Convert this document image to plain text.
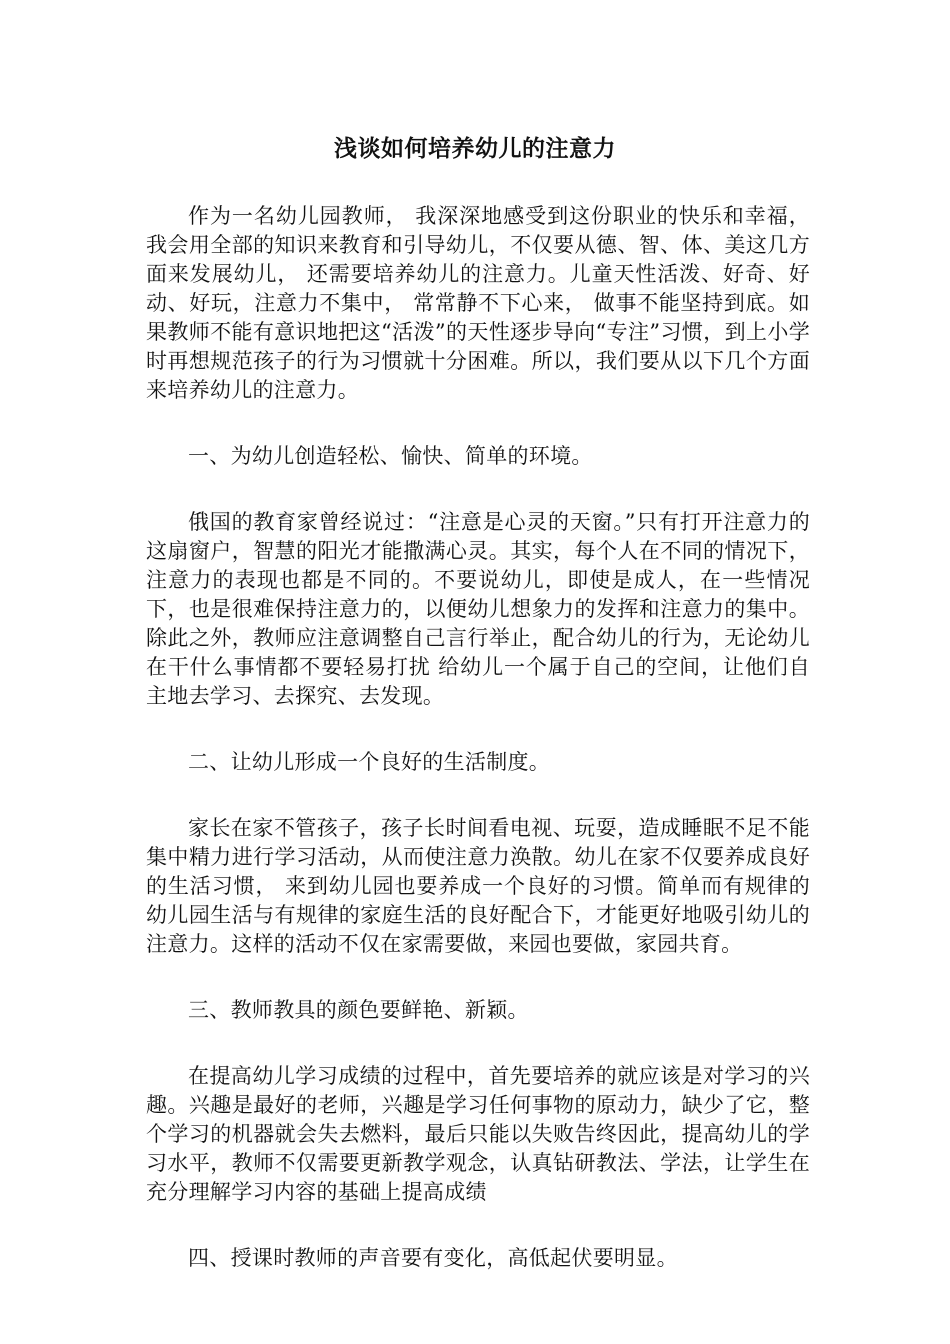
浅谈如何培养幼儿的注意力

作为一名幼儿园教师， 我深深地感受到这份职业的快乐和幸福， 我会用全部的知识来教育和引导幼儿，不仅要从德、智、体、美这几方面来发展幼儿， 还需要培养幼儿的注意力。儿童天性活泼、好奇、好动、好玩，注意力不集中， 常常静不下心来， 做事不能坚持到底。如果教师不能有意识地把这“活泼”的天性逐步导向“专注”习惯，到上小学时再想规范孩子的行为习惯就十分困难。所以，我们要从以下几个方面来培养幼儿的注意力。

一、为幼儿创造轻松、愉快、简单的环境。

俄国的教育家曾经说过：“注意是心灵的天窗。”只有打开注意力的这扇窗户，智慧的阳光才能撒满心灵。其实，每个人在不同的情况下，注意力的表现也都是不同的。不要说幼儿，即使是成人，在一些情况下，也是很难保持注意力的，以便幼儿想象力的发挥和注意力的集中。除此之外，教师应注意调整自己言行举止，配合幼儿的行为，无论幼儿在干什么事情都不要轻易打扰 给幼儿一个属于自己的空间，让他们自主地去学习、去探究、去发现。

二、让幼儿形成一个良好的生活制度。

家长在家不管孩子，孩子长时间看电视、玩耍，造成睡眠不足不能集中精力进行学习活动，从而使注意力涣散。幼儿在家不仅要养成良好的生活习惯， 来到幼儿园也要养成一个良好的习惯。简单而有规律的幼儿园生活与有规律的家庭生活的良好配合下，才能更好地吸引幼儿的注意力。这样的活动不仅在家需要做，来园也要做，家园共育。

三、教师教具的颜色要鲜艳、新颖。

在提高幼儿学习成绩的过程中，首先要培养的就应该是对学习的兴趣。兴趣是最好的老师，兴趣是学习任何事物的原动力，缺少了它，整个学习的机器就会失去燃料，最后只能以失败告终因此，提高幼儿的学习水平，教师不仅需要更新教学观念，认真钻研教法、学法，让学生在充分理解学习内容的基础上提高成绩

四、授课时教师的声音要有变化，高低起伏要明显。
